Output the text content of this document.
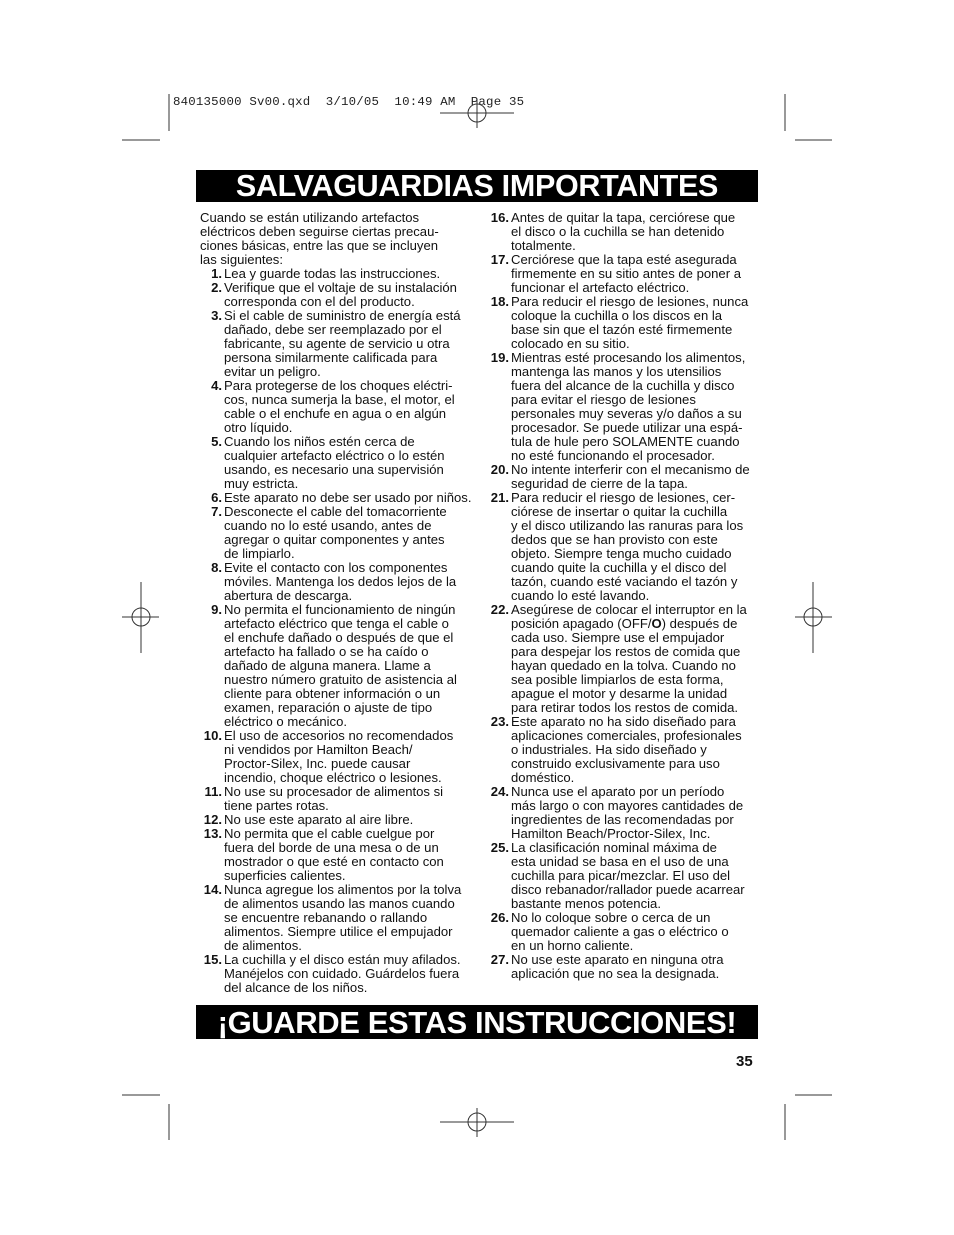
840135000 Sv00.qxd  3/10/05  10:49 AM  Page 35
SALVAGUARDIAS IMPORTANTES

Cuando se están utilizando artefactos
eléctricos deben seguirse ciertas precau-
ciones básicas, entre las que se incluyen
las siguientes:

1. Lea y guarde todas las instrucciones.
2. Verifique que el voltaje de su instalación
corresponda con el del producto.
3. Si el cable de suministro de energía está
dañado, debe ser reemplazado por el
fabricante, su agente de servicio u otra
persona similarmente calificada para
evitar un peligro.
4. Para protegerse de los choques eléctri-
cos, nunca sumerja la base, el motor, el
cable o el enchufe en agua o en algún
otro líquido.
5. Cuando los niños estén cerca de
cualquier artefacto eléctrico o lo estén
usando, es necesario una supervisión
muy estricta.
6. Este aparato no debe ser usado por niños.
7. Desconecte el cable del tomacorriente
cuando no lo esté usando, antes de
agregar o quitar componentes y antes
de limpiarlo.
8. Evite el contacto con los componentes
móviles. Mantenga los dedos lejos de la
abertura de descarga.
9. No permita el funcionamiento de ningún
artefacto eléctrico que tenga el cable o
el enchufe dañado o después de que el
artefacto ha fallado o se ha caído o
dañado de alguna manera. Llame a
nuestro número gratuito de asistencia al
cliente para obtener información o un
examen, reparación o ajuste de tipo
eléctrico o mecánico.
10. El uso de accesorios no recomendados
ni vendidos por Hamilton Beach/
Proctor-Silex, Inc. puede causar
incendio, choque eléctrico o lesiones.
11. No use su procesador de alimentos si
tiene partes rotas.
12. No use este aparato al aire libre.
13. No permita que el cable cuelgue por
fuera del borde de una mesa o de un
mostrador o que esté en contacto con
superficies calientes.
14. Nunca agregue los alimentos por la tolva
de alimentos usando las manos cuando
se encuentre rebanando o rallando
alimentos. Siempre utilice el empujador
de alimentos.
15. La cuchilla y el disco están muy afilados.
Manéjelos con cuidado. Guárdelos fuera
del alcance de los niños.
16. Antes de quitar la tapa, cerciórese que
el disco o la cuchilla se han detenido
totalmente.
17. Cerciórese que la tapa esté asegurada
firmemente en su sitio antes de poner a
funcionar el artefacto eléctrico.
18. Para reducir el riesgo de lesiones, nunca
coloque la cuchilla o los discos en la
base sin que el tazón esté firmemente
colocado en su sitio.
19. Mientras esté procesando los alimentos,
mantenga las manos y los utensilios
fuera del alcance de la cuchilla y disco
para evitar el riesgo de lesiones
personales muy severas y/o daños a su
procesador. Se puede utilizar una espá-
tula de hule pero SOLAMENTE cuando
no esté funcionando el procesador.
20. No intente interferir con el mecanismo de
seguridad de cierre de la tapa.
21. Para reducir el riesgo de lesiones, cer-
ciórese de insertar o quitar la cuchilla
y el disco utilizando las ranuras para los
dedos que se han provisto con este
objeto. Siempre tenga mucho cuidado
cuando quite la cuchilla y el disco del
tazón, cuando esté vaciando el tazón y
cuando lo esté lavando.
22. Asegúrese de colocar el interruptor en la
posición apagado (OFF/O) después de
cada uso. Siempre use el empujador
para despejar los restos de comida que
hayan quedado en la tolva. Cuando no
sea posible limpiarlos de esta forma,
apague el motor y desarme la unidad
para retirar todos los restos de comida.
23. Este aparato no ha sido diseñado para
aplicaciones comerciales, profesionales
o industriales. Ha sido diseñado y
construido exclusivamente para uso
doméstico.
24. Nunca use el aparato por un período
más largo o con mayores cantidades de
ingredientes de las recomendadas por
Hamilton Beach/Proctor-Silex, Inc.
25. La clasificación nominal máxima de
esta unidad se basa en el uso de una
cuchilla para picar/mezclar. El uso del
disco rebanador/rallador puede acarrear
bastante menos potencia.
26. No lo coloque sobre o cerca de un
quemador caliente a gas o eléctrico o
en un horno caliente.
27. No use este aparato en ninguna otra
aplicación que no sea la designada.
¡GUARDE ESTAS INSTRUCCIONES!
35
